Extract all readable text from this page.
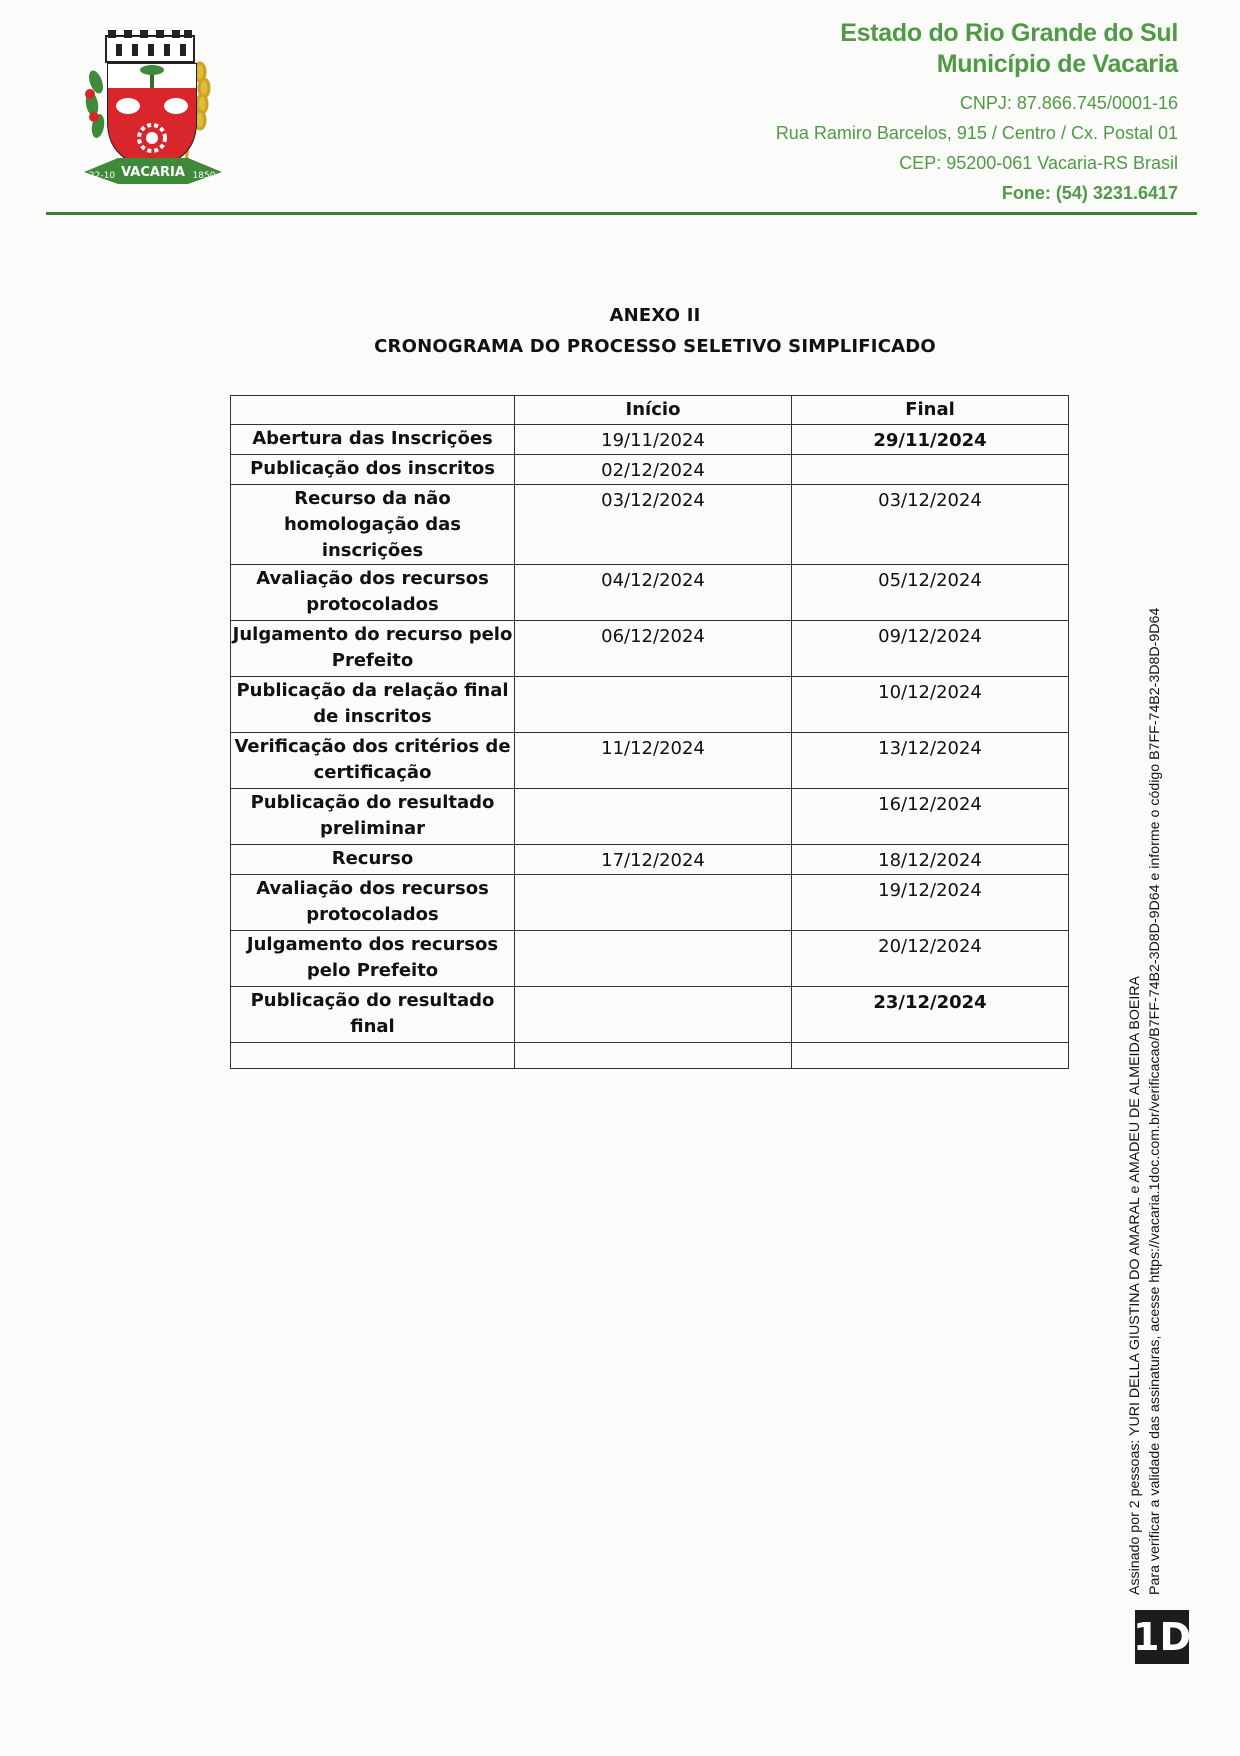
VACARIA
22-10	1850
Estado do Rio Grande do Sul
Município de Vacaria
CNPJ: 87.866.745/0001-16
Rua Ramiro Barcelos, 915 / Centro / Cx. Postal 01
CEP: 95200-061 Vacaria-RS Brasil
Fone: (54) 3231.6417
ANEXO II
CRONOGRAMA DO PROCESSO SELETIVO SIMPLIFICADO
	Início	Final
Abertura das Inscrições	19/11/2024	29/11/2024
Publicação dos inscritos	02/12/2024	
Recurso da não homologação das inscrições	03/12/2024	03/12/2024
Avaliação dos recursos protocolados	04/12/2024	05/12/2024
Julgamento do recurso pelo Prefeito	06/12/2024	09/12/2024
Publicação da relação final de inscritos		10/12/2024
Verificação dos critérios de certificação	11/12/2024	13/12/2024
Publicação do resultado preliminar		16/12/2024
Recurso	17/12/2024	18/12/2024
Avaliação dos recursos protocolados		19/12/2024
Julgamento dos recursos pelo Prefeito		20/12/2024
Publicação do resultado final		23/12/2024
			Assinado por 2 pessoas: YURI DELLA GIUSTINA DO AMARAL e AMADEU DE ALMEIDA BOEIRA Para verificar a validade das assinaturas, acesse https://vacaria.1doc.com.br/verificacao/B7FF-74B2-3D8D-9D64 e informe o código B7FF-74B2-3D8D-9D64
1D
